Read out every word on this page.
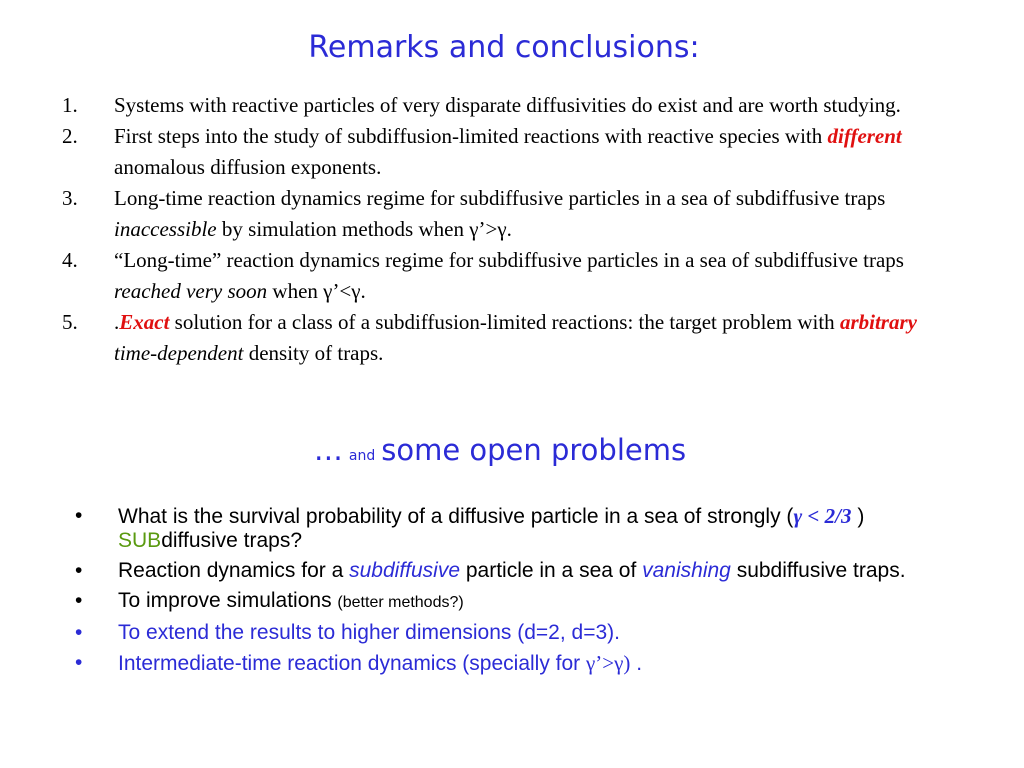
Remarks and conclusions:
1. Systems with reactive particles of very disparate diffusivities do exist and are worth studying.
2. First steps into the study of subdiffusion-limited reactions with reactive species with different anomalous diffusion exponents.
3. Long-time reaction dynamics regime for subdiffusive particles in a sea of subdiffusive traps inaccessible by simulation methods when γ’>γ.
4. “Long-time” reaction dynamics regime for subdiffusive particles in a sea of subdiffusive traps reached very soon when γ’<γ.
5. .Exact solution for a class of a subdiffusion-limited reactions: the target problem with arbitrary time-dependent density of traps.
… and some open problems
• What is the survival probability of a diffusive particle in a sea of strongly (γ < 2/3 ) SUBdiffusive traps?
• Reaction dynamics for a subdiffusive particle in a sea of vanishing subdiffusive traps.
• To improve simulations (better methods?)
• To extend the results to higher dimensions (d=2, d=3).
• Intermediate-time reaction dynamics (specially for γ’>γ) .
